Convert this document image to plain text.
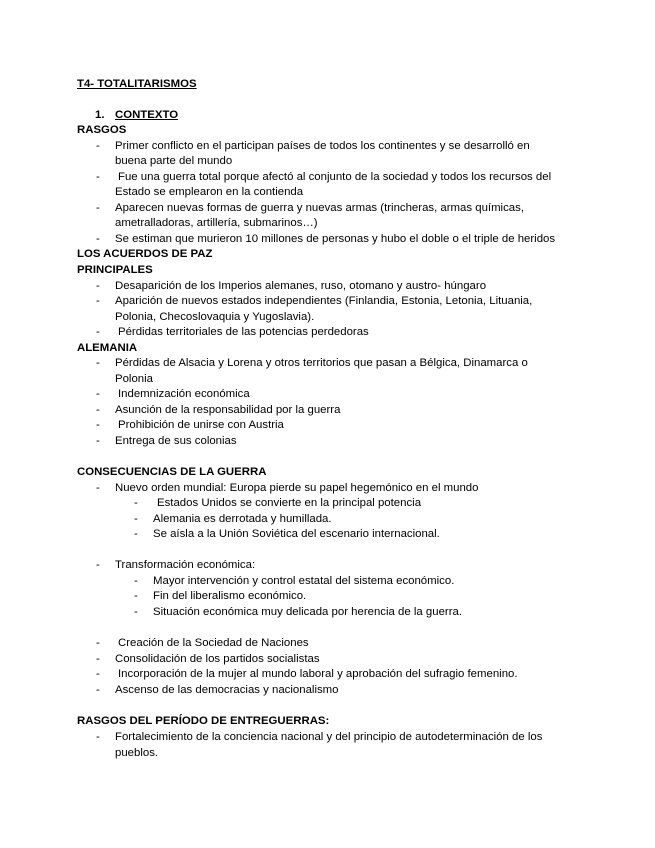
T4- TOTALITARISMOS
1. CONTEXTO
RASGOS
- Primer conflicto en el participan países de todos los continentes y se desarrolló en
buena parte del mundo
- Fue una guerra total porque afectó al conjunto de la sociedad y todos los recursos del
Estado se emplearon en la contienda
- Aparecen nuevas formas de guerra y nuevas armas (trincheras, armas químicas,
ametralladoras, artillería, submarinos…)
- Se estiman que murieron 10 millones de personas y hubo el doble o el triple de heridos
LOS ACUERDOS DE PAZ
PRINCIPALES
- Desaparición de los Imperios alemanes, ruso, otomano y austro- húngaro
- Aparición de nuevos estados independientes (Finlandia, Estonia, Letonia, Lituania,
Polonia, Checoslovaquia y Yugoslavia).
- Pérdidas territoriales de las potencias perdedoras
ALEMANIA
- Pérdidas de Alsacia y Lorena y otros territorios que pasan a Bélgica, Dinamarca o
Polonia
- Indemnización económica
- Asunción de la responsabilidad por la guerra
- Prohibición de unirse con Austria
- Entrega de sus colonias
CONSECUENCIAS DE LA GUERRA
- Nuevo orden mundial: Europa pierde su papel hegemónico en el mundo
- Estados Unidos se convierte en la principal potencia
- Alemania es derrotada y humillada.
- Se aísla a la Unión Soviética del escenario internacional.
- Transformación económica:
- Mayor intervención y control estatal del sistema económico.
- Fin del liberalismo económico.
- Situación económica muy delicada por herencia de la guerra.
- Creación de la Sociedad de Naciones
- Consolidación de los partidos socialistas
- Incorporación de la mujer al mundo laboral y aprobación del sufragio femenino.
- Ascenso de las democracias y nacionalismo
RASGOS DEL PERÍODO DE ENTREGUERRAS:
- Fortalecimiento de la conciencia nacional y del principio de autodeterminación de los
pueblos.
